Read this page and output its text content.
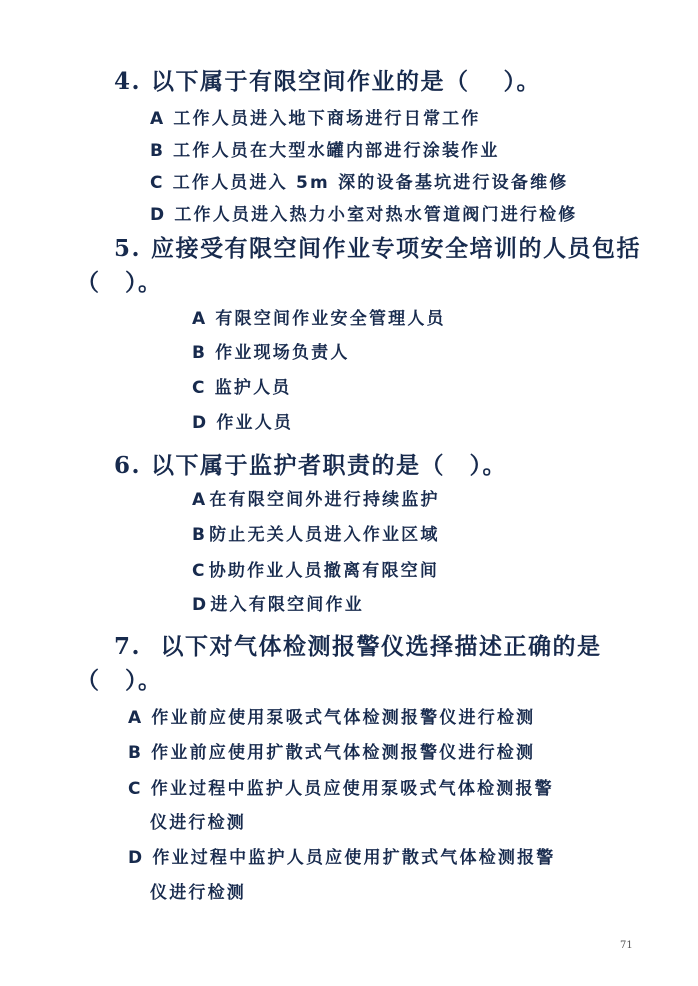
4. 以下属于有限空间作业的是（　 ）。
A 工作人员进入地下商场进行日常工作
B 工作人员在大型水罐内部进行涂装作业
C 工作人员进入 5m 深的设备基坑进行设备维修
D 工作人员进入热力小室对热水管道阀门进行检修
5. 应接受有限空间作业专项安全培训的人员包括
（　）。
A 有限空间作业安全管理人员
B 作业现场负责人
C 监护人员
D 作业人员
6. 以下属于监护者职责的是（　）。
A 在有限空间外进行持续监护
B 防止无关人员进入作业区域
C 协助作业人员撤离有限空间
D 进入有限空间作业
7. 以下对气体检测报警仪选择描述正确的是
（　）。
A 作业前应使用泵吸式气体检测报警仪进行检测
B 作业前应使用扩散式气体检测报警仪进行检测
C 作业过程中监护人员应使用泵吸式气体检测报警
仪进行检测
D 作业过程中监护人员应使用扩散式气体检测报警
仪进行检测
71
